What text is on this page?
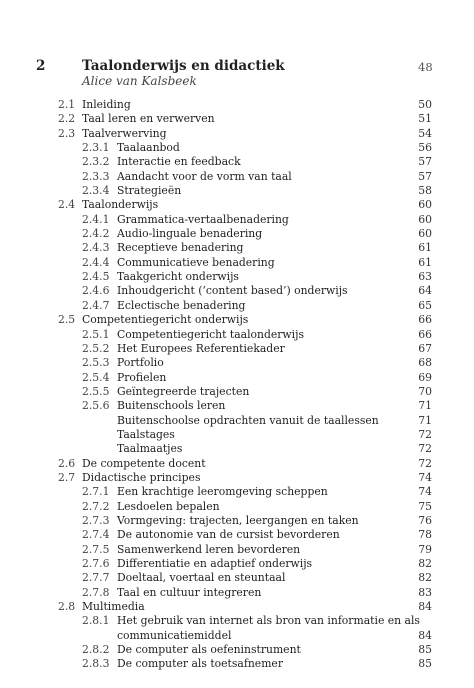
2	Taalonderwijs en didactiek
Alice van Kalsbeek
48
2.1 Inleiding	50
2.2 Taal leren en verwerven	51
2.3 Taalverwerving	54
2.3.1 Taalaanbod	56
2.3.2 Interactie en feedback	57
2.3.3 Aandacht voor de vorm van taal	57
2.3.4 Strategieën	58
2.4 Taalonderwijs	60
2.4.1 Grammatica-vertaalbenadering	60
2.4.2 Audio-linguale benadering	60
2.4.3 Receptieve benadering	61
2.4.4 Communicatieve benadering	61
2.4.5 Taakgericht onderwijs	63
2.4.6 Inhoudgericht (‘content based’) onderwijs	64
2.4.7 Eclectische benadering	65
2.5 Competentiegericht onderwijs	66
2.5.1 Competentiegericht taalonderwijs	66
2.5.2 Het Europees Referentiekader	67
2.5.3 Portfolio	68
2.5.4 Profielen	69
2.5.5 Geïntegreerde trajecten	70
2.5.6 Buitenschools leren	71
Buitenschoolse opdrachten vanuit de taallessen	71
Taalstages	72
Taalmaatjes	72
2.6 De competente docent	72
2.7 Didactische principes	74
2.7.1 Een krachtige leeromgeving scheppen	74
2.7.2 Lesdoelen bepalen	75
2.7.3 Vormgeving: trajecten, leergangen en taken	76
2.7.4 De autonomie van de cursist bevorderen	78
2.7.5 Samenwerkend leren bevorderen	79
2.7.6 Differentiatie en adaptief onderwijs	82
2.7.7 Doeltaal, voertaal en steuntaal	82
2.7.8 Taal en cultuur integreren	83
2.8 Multimedia	84
2.8.1 Het gebruik van internet als bron van informatie en als
communicatiemiddel	84
2.8.2 De computer als oefeninstrument	85
2.8.3 De computer als toetsafnemer	85
